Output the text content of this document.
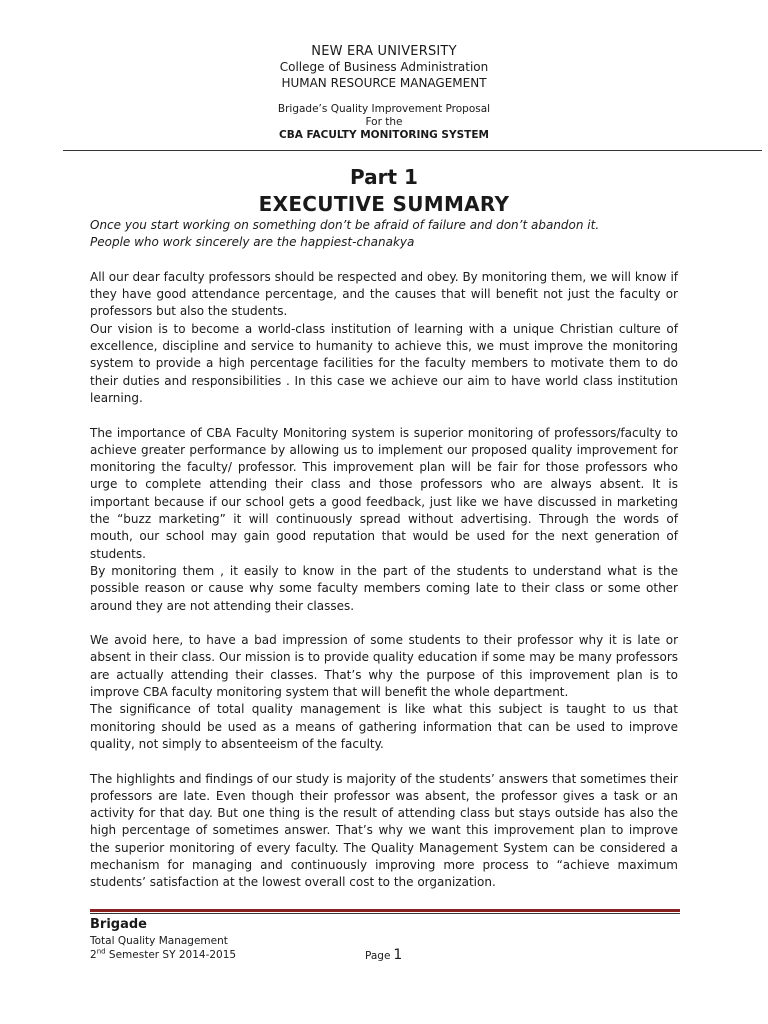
NEW ERA UNIVERSITY
College of Business Administration
HUMAN RESOURCE MANAGEMENT
Brigade’s Quality Improvement Proposal
For the
CBA FACULTY MONITORING SYSTEM
Part 1
EXECUTIVE SUMMARY

Once you start working on something don’t be afraid of failure and don’t abandon it.

People who work sincerely are the happiest-chanakya

All our dear faculty professors should be respected and obey. By monitoring them, we will know if they have good attendance percentage, and the causes that will benefit not just the faculty or professors but also the students.

Our vision is to become a world-class institution of learning with a unique Christian culture of excellence, discipline and service to humanity to achieve this, we must improve the monitoring system to provide a high percentage facilities for the faculty members to motivate them to do their duties and responsibilities . In this case we achieve our aim to have world class institution learning.

The importance of CBA Faculty Monitoring system is superior monitoring of professors/faculty to achieve greater performance by allowing us to implement our proposed quality improvement for monitoring the faculty/ professor. This improvement plan will be fair for those professors who urge to complete attending their class and those professors who are always absent. It is important because if our school gets a good feedback, just like we have discussed in marketing the “buzz marketing” it will continuously spread without advertising. Through the words of mouth, our school may gain good reputation that would be used for the next generation of students.

By monitoring them , it easily to know in the part of the students to understand what is the possible reason or cause why some faculty members coming late to their class or some other around they are not attending their classes.

We avoid here, to have a bad impression of some students to their professor why it is late or absent in their class. Our mission is to provide quality education if some may be many professors are actually attending their classes. That’s why the purpose of this improvement plan is to improve CBA faculty monitoring system that will benefit the whole department.

The significance of total quality management is like what this subject is taught to us that monitoring should be used as a means of gathering information that can be used to improve quality, not simply to absenteeism of the faculty.

The highlights and findings of our study is majority of the students’ answers that sometimes their professors are late. Even though their professor was absent, the professor gives a task or an activity for that day. But one thing is the result of attending class but stays outside has also the high percentage of sometimes answer. That’s why we want this improvement plan to improve the superior monitoring of every faculty. The Quality Management System can be considered a mechanism for managing and continuously improving more process to “achieve maximum students’ satisfaction at the lowest overall cost to the organization.

Brigade
Total Quality Management
2nd Semester SY 2014-2015	Page 1
